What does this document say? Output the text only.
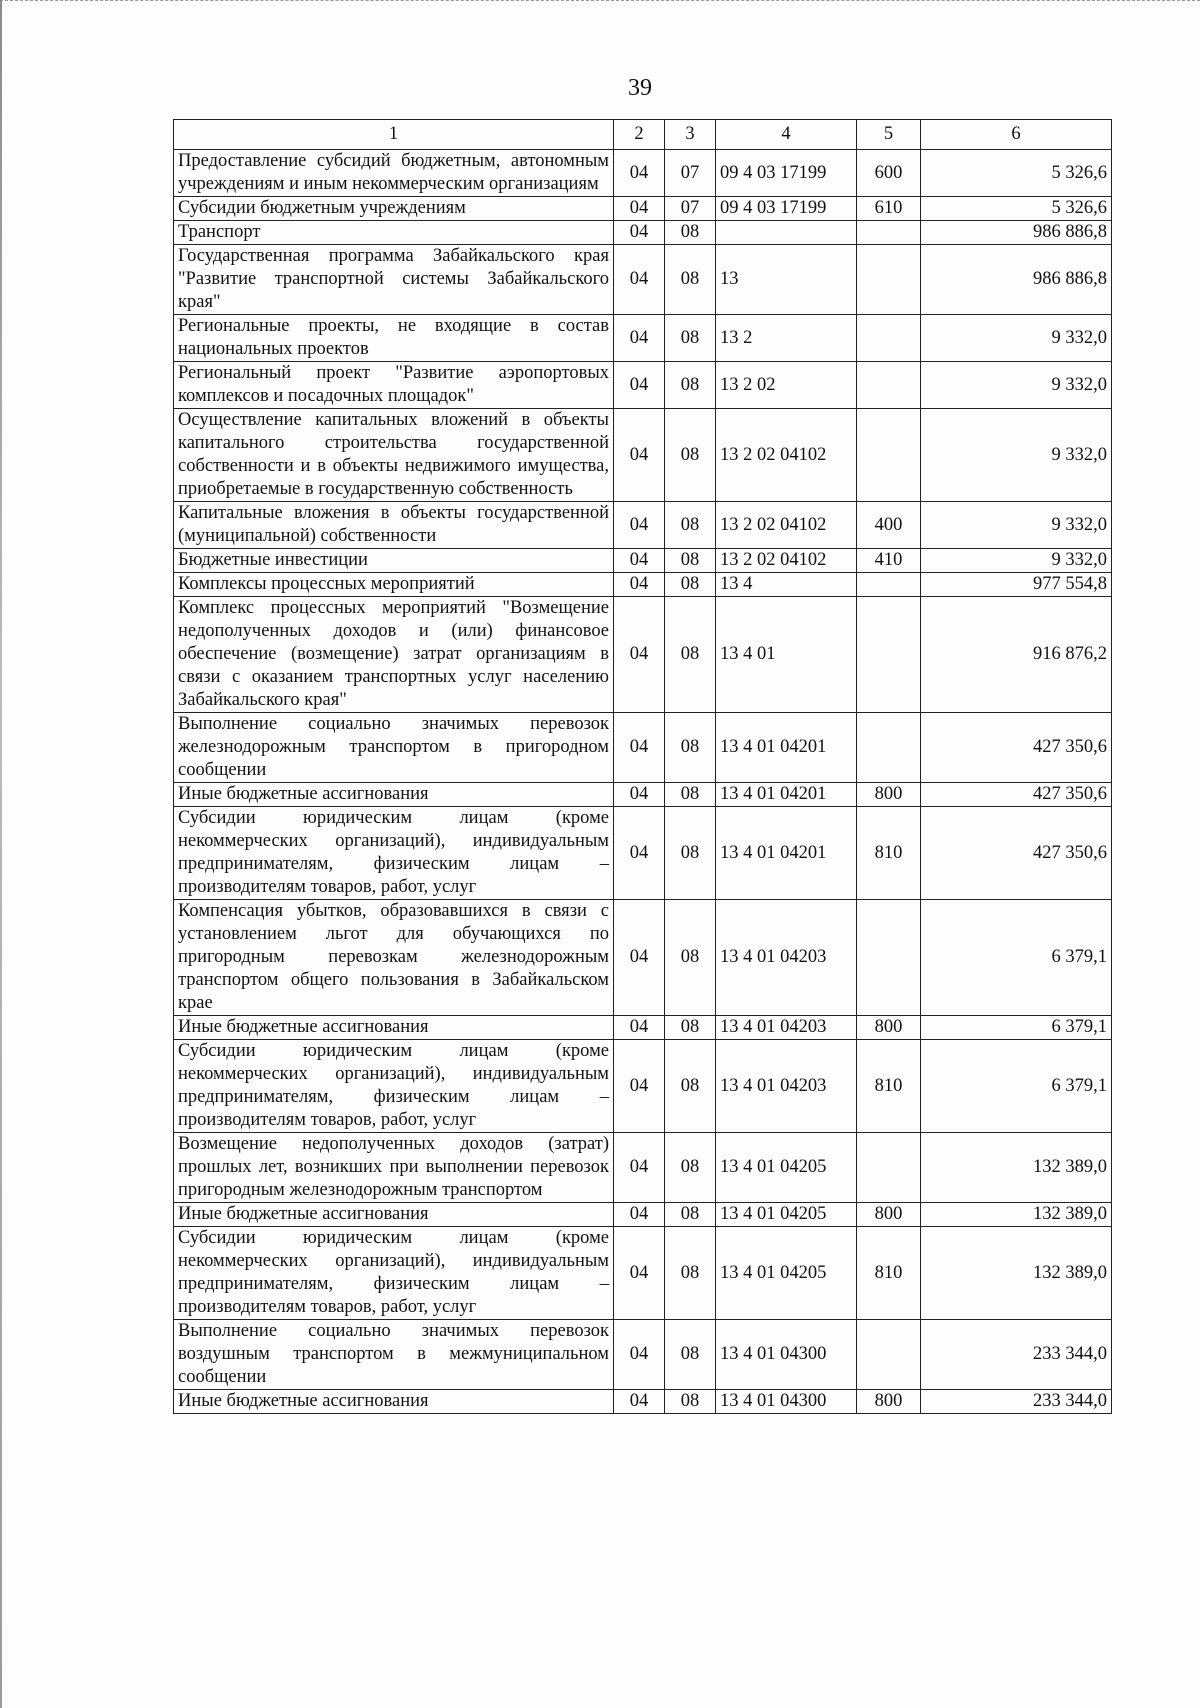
39
1	2	3	4	5	6
Предоставление субсидий бюджетным, автономным учреждениям и иным некоммерческим организациям	04	07	09 4 03 17199	600	5 326,6
Субсидии бюджетным учреждениям	04	07	09 4 03 17199	610	5 326,6
Транспорт	04	08			986 886,8
Государственная программа Забайкальского края "Развитие транспортной системы Забайкальского края"	04	08	13		986 886,8
Региональные проекты, не входящие в состав национальных проектов	04	08	13 2		9 332,0
Региональный проект "Развитие аэропортовых комплексов и посадочных площадок"	04	08	13 2 02		9 332,0
Осуществление капитальных вложений в объекты капитального строительства государственной собственности и в объекты недвижимого имущества, приобретаемые в государственную собственность	04	08	13 2 02 04102		9 332,0
Капитальные вложения в объекты государственной (муниципальной) собственности	04	08	13 2 02 04102	400	9 332,0
Бюджетные инвестиции	04	08	13 2 02 04102	410	9 332,0
Комплексы процессных мероприятий	04	08	13 4		977 554,8
Комплекс процессных мероприятий "Возмещение недополученных доходов и (или) финансовое обеспечение (возмещение) затрат организациям в связи с оказанием транспортных услуг населению Забайкальского края"	04	08	13 4 01		916 876,2
Выполнение социально значимых перевозок железнодорожным транспортом в пригородном сообщении	04	08	13 4 01 04201		427 350,6
Иные бюджетные ассигнования	04	08	13 4 01 04201	800	427 350,6
Субсидии юридическим лицам (кроме некоммерческих организаций), индивидуальным предпринимателям, физическим лицам – производителям товаров, работ, услуг	04	08	13 4 01 04201	810	427 350,6
Компенсация убытков, образовавшихся в связи с установлением льгот для обучающихся по пригородным перевозкам железнодорожным транспортом общего пользования в Забайкальском крае	04	08	13 4 01 04203		6 379,1
Иные бюджетные ассигнования	04	08	13 4 01 04203	800	6 379,1
Субсидии юридическим лицам (кроме некоммерческих организаций), индивидуальным предпринимателям, физическим лицам – производителям товаров, работ, услуг	04	08	13 4 01 04203	810	6 379,1
Возмещение недополученных доходов (затрат) прошлых лет, возникших при выполнении перевозок пригородным железнодорожным транспортом	04	08	13 4 01 04205		132 389,0
Иные бюджетные ассигнования	04	08	13 4 01 04205	800	132 389,0
Субсидии юридическим лицам (кроме некоммерческих организаций), индивидуальным предпринимателям, физическим лицам – производителям товаров, работ, услуг	04	08	13 4 01 04205	810	132 389,0
Выполнение социально значимых перевозок воздушным транспортом в межмуниципальном сообщении	04	08	13 4 01 04300		233 344,0
Иные бюджетные ассигнования	04	08	13 4 01 04300	800	233 344,0
